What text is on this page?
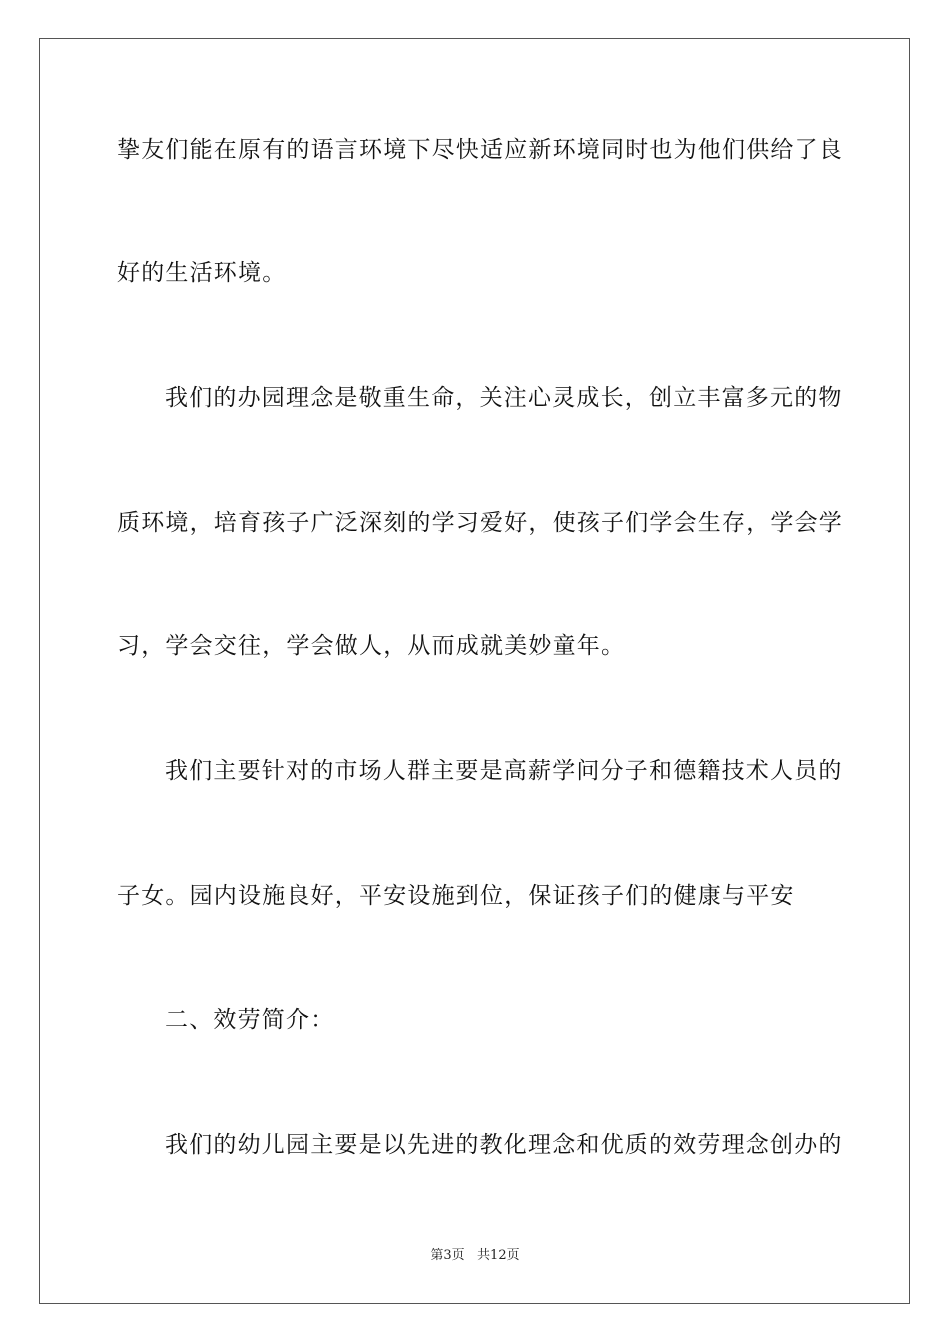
挚友们能在原有的语言环境下尽快适应新环境同时也为他们供给了良
好的生活环境。
我们的办园理念是敬重生命，关注心灵成长，创立丰富多元的物
质环境，培育孩子广泛深刻的学习爱好，使孩子们学会生存，学会学
习，学会交往，学会做人，从而成就美妙童年。
我们主要针对的市场人群主要是高薪学问分子和德籍技术人员的
子女。园内设施良好，平安设施到位，保证孩子们的健康与平安
二、效劳简介：
我们的幼儿园主要是以先进的教化理念和优质的效劳理念创办的
第3页   共12页
